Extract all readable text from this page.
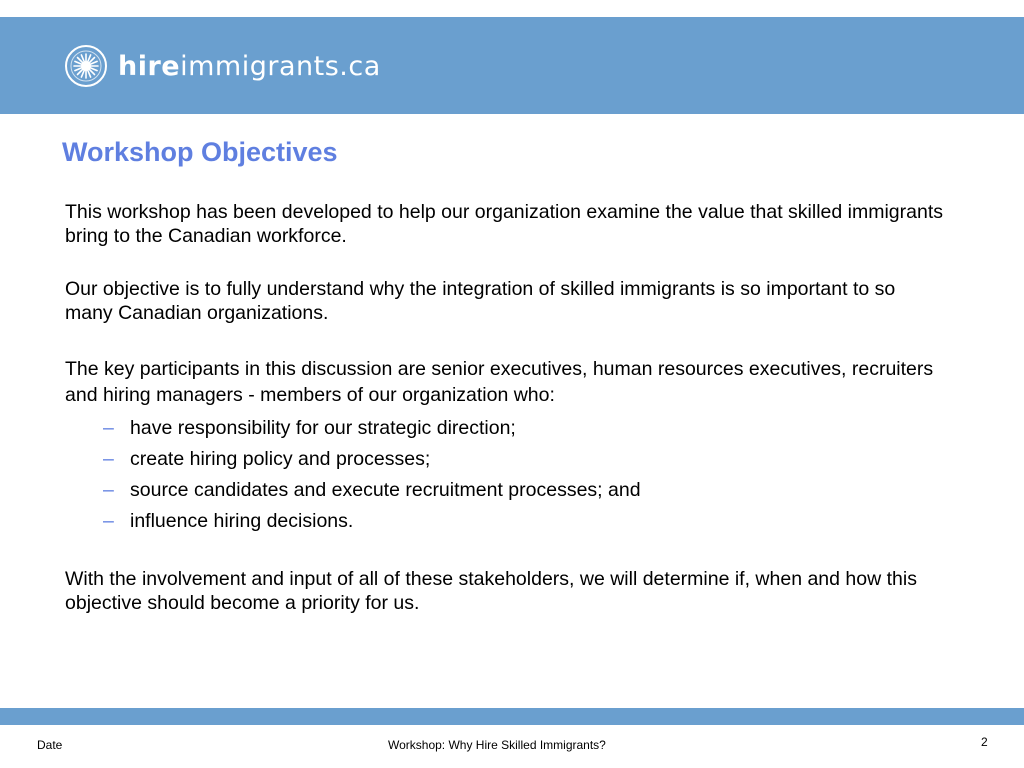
hireimmigrants.ca
Workshop Objectives

This workshop has been developed to help our organization examine the value that skilled immigrants bring to the Canadian workforce.

Our objective is to fully understand why the integration of skilled immigrants is so important to so many Canadian organizations.

The key participants in this discussion are senior executives, human resources executives, recruiters and hiring managers - members of our organization who:

– have responsibility for our strategic direction;
– create hiring policy and processes;
– source candidates and execute recruitment processes; and
– influence hiring decisions.

With the involvement and input of all of these stakeholders, we will determine if, when and how this objective should become a priority for us.

Date	Workshop: Why Hire Skilled Immigrants?	2
